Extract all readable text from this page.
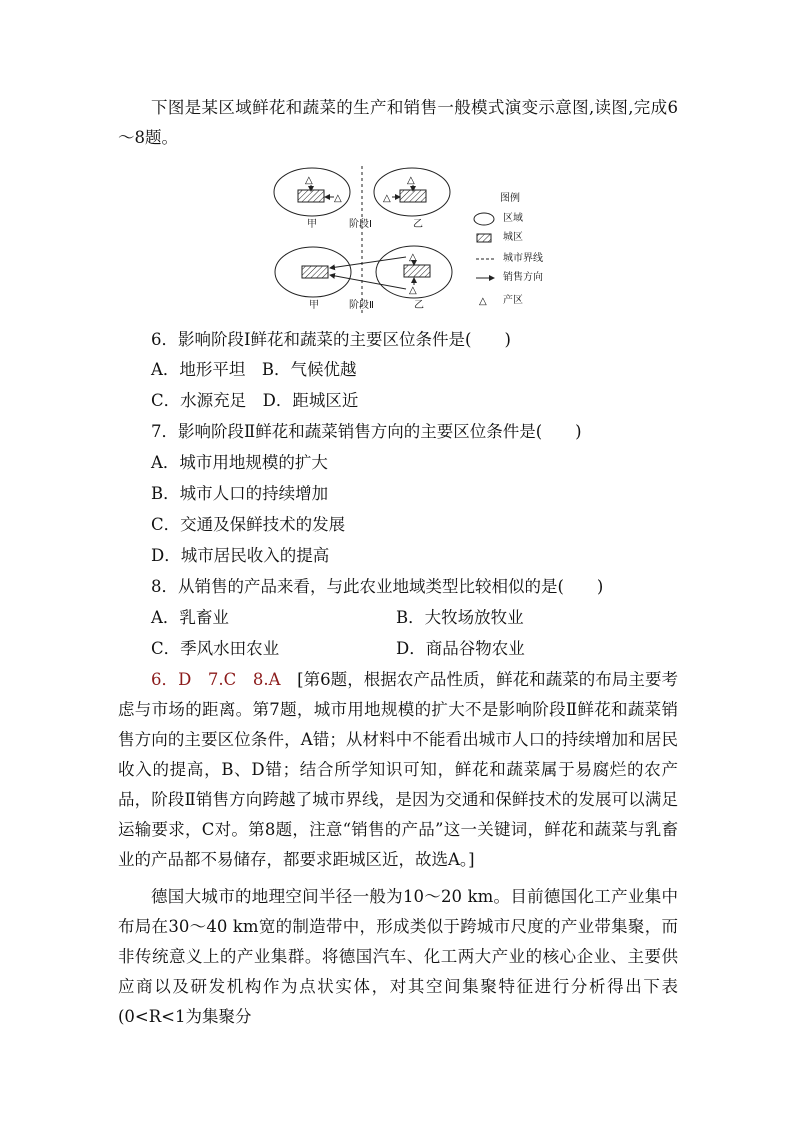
下图是某区域鲜花和蔬菜的生产和销售一般模式演变示意图,读图,完成6～8题。

△
△
△
△
△
△
△
甲	阶段Ⅰ	乙
甲	阶段Ⅱ	乙
图例
区域
城区
城市界线
销售方向
产区

6．影响阶段Ⅰ鲜花和蔬菜的主要区位条件是(　　)

A．地形平坦　B．气候优越

C．水源充足　D．距城区近

7．影响阶段Ⅱ鲜花和蔬菜销售方向的主要区位条件是(　　)

A．城市用地规模的扩大

B．城市人口的持续增加

C．交通及保鲜技术的发展

D．城市居民收入的提高

8．从销售的产品来看，与此农业地域类型比较相似的是(　　)

A．乳畜业	B．大牧场放牧业

C．季风水田农业	D．商品谷物农业

6．D　7.C　8.A　 [第6题，根据农产品性质，鲜花和蔬菜的布局主要考虑与市场的距离。第7题，城市用地规模的扩大不是影响阶段Ⅱ鲜花和蔬菜销售方向的主要区位条件，A错；从材料中不能看出城市人口的持续增加和居民收入的提高，B、D错；结合所学知识可知，鲜花和蔬菜属于易腐烂的农产品，阶段Ⅱ销售方向跨越了城市界线，是因为交通和保鲜技术的发展可以满足运输要求，C对。第8题，注意“销售的产品”这一关键词，鲜花和蔬菜与乳畜业的产品都不易储存，都要求距城区近，故选A。]

德国大城市的地理空间半径一般为10～20 km。目前德国化工产业集中布局在30～40 km宽的制造带中，形成类似于跨城市尺度的产业带集聚，而非传统意义上的产业集群。将德国汽车、化工两大产业的核心企业、主要供应商以及研发机构作为点状实体，对其空间集聚特征进行分析得出下表(0<R<1为集聚分
